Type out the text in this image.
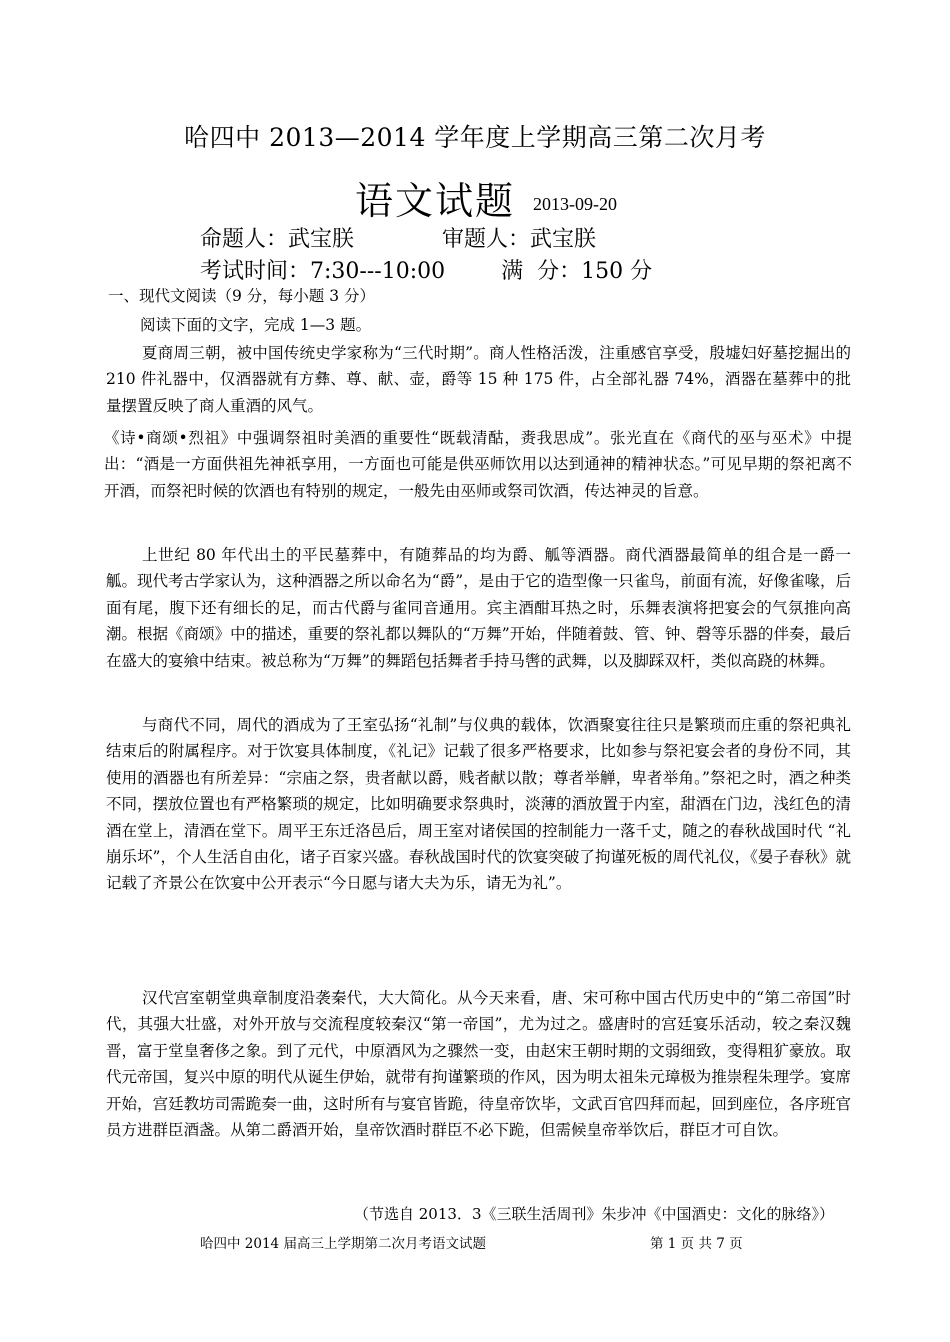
哈四中 2013—2014 学年度上学期高三第二次月考
语文试题 2013-09-20
命题人：武宝朕	审题人：武宝朕
考试时间：7:30---10:00	满  分：150 分
一、现代文阅读（9 分，每小题 3 分）
阅读下面的文字，完成 1—3 题。
夏商周三朝，被中国传统史学家称为“三代时期”。商人性格活泼，注重感官享受，殷墟妇好墓挖掘出的 210 件礼器中，仅酒器就有方彝、尊、献、壶，爵等 15 种 175 件，占全部礼器 74%，酒器在墓葬中的批量摆置反映了商人重酒的风气。
《诗•商颂•烈祖》中强调祭祖时美酒的重要性“既载清酤，赉我思成”。张光直在《商代的巫与巫术》中提出：“酒是一方面供祖先神祇享用，一方面也可能是供巫师饮用以达到通神的精神状态。”可见早期的祭祀离不开酒，而祭祀时候的饮酒也有特别的规定，一般先由巫师或祭司饮酒，传达神灵的旨意。
上世纪 80 年代出土的平民墓葬中，有随葬品的均为爵、觚等酒器。商代酒器最简单的组合是一爵一觚。现代考古学家认为，这种酒器之所以命名为“爵”，是由于它的造型像一只雀鸟，前面有流，好像雀喙，后面有尾，腹下还有细长的足，而古代爵与雀同音通用。宾主酒酣耳热之时，乐舞表演将把宴会的气氛推向高潮。根据《商颂》中的描述，重要的祭礼都以舞队的“万舞”开始，伴随着鼓、管、钟、磬等乐器的伴奏，最后在盛大的宴飨中结束。被总称为“万舞”的舞蹈包括舞者手持马辔的武舞，以及脚踩双杆，类似高跷的林舞。
与商代不同，周代的酒成为了王室弘扬“礼制”与仪典的载体，饮酒聚宴往往只是繁琐而庄重的祭祀典礼结束后的附属程序。对于饮宴具体制度，《礼记》记载了很多严格要求，比如参与祭祀宴会者的身份不同，其使用的酒器也有所差异：“宗庙之祭，贵者献以爵，贱者献以散；尊者举觯，卑者举角。”祭祀之时，酒之种类不同，摆放位置也有严格繁琐的规定，比如明确要求祭典时，淡薄的酒放置于内室，甜酒在门边，浅红色的清酒在堂上，清酒在堂下。周平王东迁洛邑后，周王室对诸侯国的控制能力一落千丈，随之的春秋战国时代 “礼崩乐坏”，个人生活自由化，诸子百家兴盛。春秋战国时代的饮宴突破了拘谨死板的周代礼仪，《晏子春秋》就记载了齐景公在饮宴中公开表示“今日愿与诸大夫为乐，请无为礼”。
汉代宫室朝堂典章制度沿袭秦代，大大简化。从今天来看，唐、宋可称中国古代历史中的“第二帝国”时代，其强大壮盛，对外开放与交流程度较秦汉“第一帝国”，尤为过之。盛唐时的宫廷宴乐活动，较之秦汉魏晋，富于堂皇奢侈之象。到了元代，中原酒风为之骤然一变，由赵宋王朝时期的文弱细致，变得粗犷豪放。取代元帝国，复兴中原的明代从诞生伊始，就带有拘谨繁琐的作风，因为明太祖朱元璋极为推崇程朱理学。宴席开始，宫廷教坊司需跪奏一曲，这时所有与宴官皆跪，待皇帝饮毕，文武百官四拜而起，回到座位，各序班官员方进群臣酒盏。从第二爵酒开始，皇帝饮酒时群臣不必下跪，但需候皇帝举饮后，群臣才可自饮。
（节选自 2013．3《三联生活周刊》朱步冲《中国酒史：文化的脉络》）
哈四中 2014 届高三上学期第二次月考语文试题	第 1 页 共 7 页
